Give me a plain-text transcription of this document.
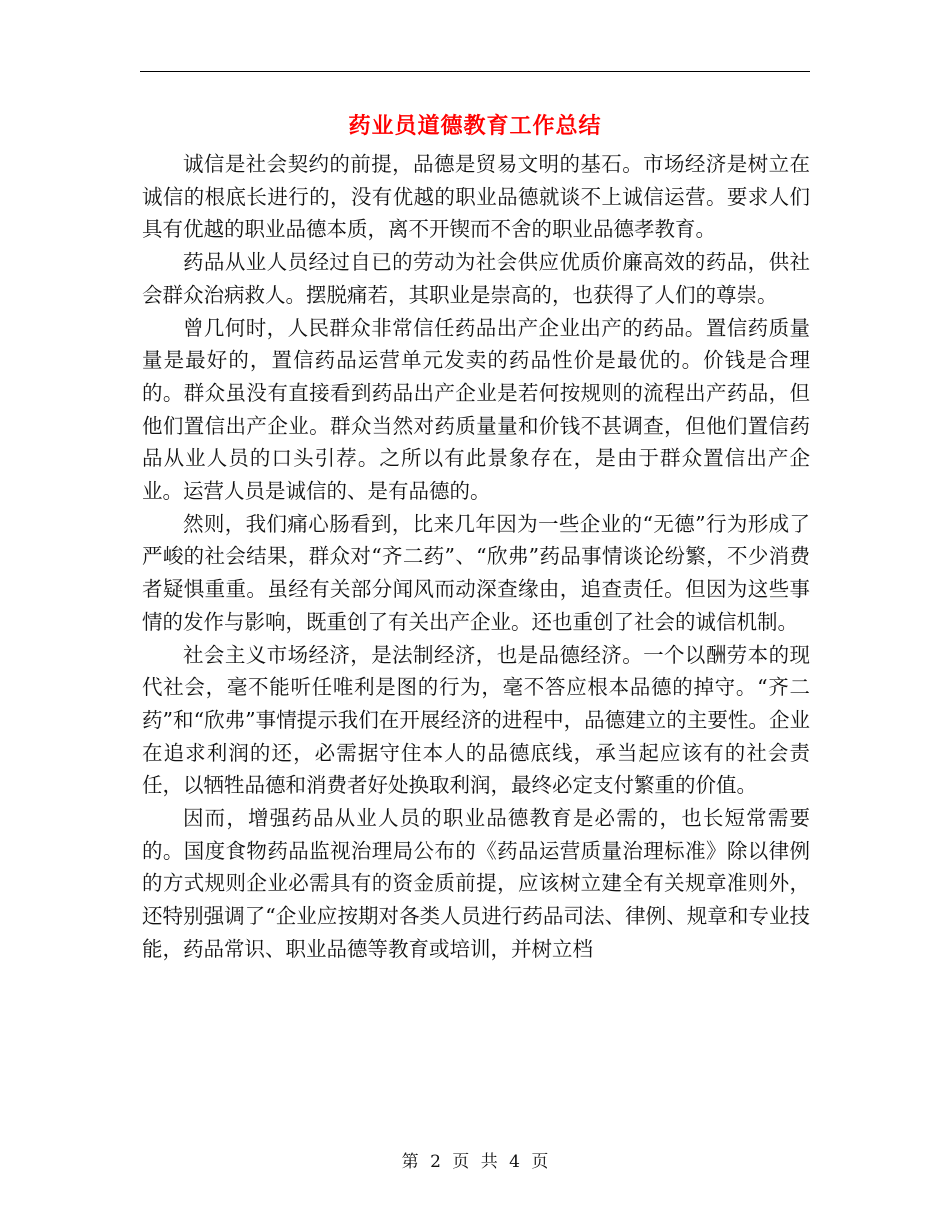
药业员道德教育工作总结

诚信是社会契约的前提，品德是贸易文明的基石。市场经济是树立在诚信的根底长进行的，没有优越的职业品德就谈不上诚信运营。要求人们具有优越的职业品德本质，离不开锲而不舍的职业品德孝教育。

药品从业人员经过自已的劳动为社会供应优质价廉高效的药品，供社会群众治病救人。摆脱痛若，其职业是崇高的，也获得了人们的尊崇。

曾几何时，人民群众非常信任药品出产企业出产的药品。置信药质量量是最好的，置信药品运营单元发卖的药品性价是最优的。价钱是合理的。群众虽没有直接看到药品出产企业是若何按规则的流程出产药品，但他们置信出产企业。群众当然对药质量量和价钱不甚调查，但他们置信药品从业人员的口头引荐。之所以有此景象存在，是由于群众置信出产企业。运营人员是诚信的、是有品德的。

然则，我们痛心肠看到，比来几年因为一些企业的“无德”行为形成了严峻的社会结果，群众对“齐二药”、“欣弗”药品事情谈论纷繁，不少消费者疑惧重重。虽经有关部分闻风而动深查缘由，追查责任。但因为这些事情的发作与影响，既重创了有关出产企业。还也重创了社会的诚信机制。

社会主义市场经济，是法制经济，也是品德经济。一个以酬劳本的现代社会，毫不能听任唯利是图的行为，毫不答应根本品德的掉守。“齐二药”和“欣弗”事情提示我们在开展经济的进程中，品德建立的主要性。企业在追求利润的还，必需据守住本人的品德底线，承当起应该有的社会责任，以牺牲品德和消费者好处换取利润，最终必定支付繁重的价值。

因而，增强药品从业人员的职业品德教育是必需的，也长短常需要的。国度食物药品监视治理局公布的《药品运营质量治理标准》除以律例的方式规则企业必需具有的资金质前提，应该树立建全有关规章准则外，还特别强调了“企业应按期对各类人员进行药品司法、律例、规章和专业技能，药品常识、职业品德等教育或培训，并树立档

第 2 页 共 4 页
